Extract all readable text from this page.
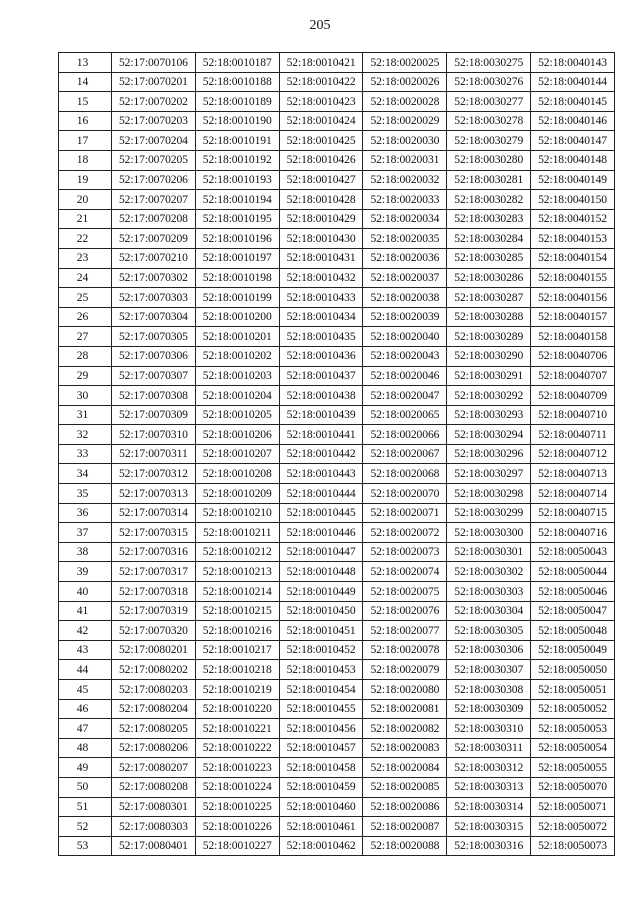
205
13	52:17:0070106	52:18:0010187	52:18:0010421	52:18:0020025	52:18:0030275	52:18:0040143
14	52:17:0070201	52:18:0010188	52:18:0010422	52:18:0020026	52:18:0030276	52:18:0040144
15	52:17:0070202	52:18:0010189	52:18:0010423	52:18:0020028	52:18:0030277	52:18:0040145
16	52:17:0070203	52:18:0010190	52:18:0010424	52:18:0020029	52:18:0030278	52:18:0040146
17	52:17:0070204	52:18:0010191	52:18:0010425	52:18:0020030	52:18:0030279	52:18:0040147
18	52:17:0070205	52:18:0010192	52:18:0010426	52:18:0020031	52:18:0030280	52:18:0040148
19	52:17:0070206	52:18:0010193	52:18:0010427	52:18:0020032	52:18:0030281	52:18:0040149
20	52:17:0070207	52:18:0010194	52:18:0010428	52:18:0020033	52:18:0030282	52:18:0040150
21	52:17:0070208	52:18:0010195	52:18:0010429	52:18:0020034	52:18:0030283	52:18:0040152
22	52:17:0070209	52:18:0010196	52:18:0010430	52:18:0020035	52:18:0030284	52:18:0040153
23	52:17:0070210	52:18:0010197	52:18:0010431	52:18:0020036	52:18:0030285	52:18:0040154
24	52:17:0070302	52:18:0010198	52:18:0010432	52:18:0020037	52:18:0030286	52:18:0040155
25	52:17:0070303	52:18:0010199	52:18:0010433	52:18:0020038	52:18:0030287	52:18:0040156
26	52:17:0070304	52:18:0010200	52:18:0010434	52:18:0020039	52:18:0030288	52:18:0040157
27	52:17:0070305	52:18:0010201	52:18:0010435	52:18:0020040	52:18:0030289	52:18:0040158
28	52:17:0070306	52:18:0010202	52:18:0010436	52:18:0020043	52:18:0030290	52:18:0040706
29	52:17:0070307	52:18:0010203	52:18:0010437	52:18:0020046	52:18:0030291	52:18:0040707
30	52:17:0070308	52:18:0010204	52:18:0010438	52:18:0020047	52:18:0030292	52:18:0040709
31	52:17:0070309	52:18:0010205	52:18:0010439	52:18:0020065	52:18:0030293	52:18:0040710
32	52:17:0070310	52:18:0010206	52:18:0010441	52:18:0020066	52:18:0030294	52:18:0040711
33	52:17:0070311	52:18:0010207	52:18:0010442	52:18:0020067	52:18:0030296	52:18:0040712
34	52:17:0070312	52:18:0010208	52:18:0010443	52:18:0020068	52:18:0030297	52:18:0040713
35	52:17:0070313	52:18:0010209	52:18:0010444	52:18:0020070	52:18:0030298	52:18:0040714
36	52:17:0070314	52:18:0010210	52:18:0010445	52:18:0020071	52:18:0030299	52:18:0040715
37	52:17:0070315	52:18:0010211	52:18:0010446	52:18:0020072	52:18:0030300	52:18:0040716
38	52:17:0070316	52:18:0010212	52:18:0010447	52:18:0020073	52:18:0030301	52:18:0050043
39	52:17:0070317	52:18:0010213	52:18:0010448	52:18:0020074	52:18:0030302	52:18:0050044
40	52:17:0070318	52:18:0010214	52:18:0010449	52:18:0020075	52:18:0030303	52:18:0050046
41	52:17:0070319	52:18:0010215	52:18:0010450	52:18:0020076	52:18:0030304	52:18:0050047
42	52:17:0070320	52:18:0010216	52:18:0010451	52:18:0020077	52:18:0030305	52:18:0050048
43	52:17:0080201	52:18:0010217	52:18:0010452	52:18:0020078	52:18:0030306	52:18:0050049
44	52:17:0080202	52:18:0010218	52:18:0010453	52:18:0020079	52:18:0030307	52:18:0050050
45	52:17:0080203	52:18:0010219	52:18:0010454	52:18:0020080	52:18:0030308	52:18:0050051
46	52:17:0080204	52:18:0010220	52:18:0010455	52:18:0020081	52:18:0030309	52:18:0050052
47	52:17:0080205	52:18:0010221	52:18:0010456	52:18:0020082	52:18:0030310	52:18:0050053
48	52:17:0080206	52:18:0010222	52:18:0010457	52:18:0020083	52:18:0030311	52:18:0050054
49	52:17:0080207	52:18:0010223	52:18:0010458	52:18:0020084	52:18:0030312	52:18:0050055
50	52:17:0080208	52:18:0010224	52:18:0010459	52:18:0020085	52:18:0030313	52:18:0050070
51	52:17:0080301	52:18:0010225	52:18:0010460	52:18:0020086	52:18:0030314	52:18:0050071
52	52:17:0080303	52:18:0010226	52:18:0010461	52:18:0020087	52:18:0030315	52:18:0050072
53	52:17:0080401	52:18:0010227	52:18:0010462	52:18:0020088	52:18:0030316	52:18:0050073
